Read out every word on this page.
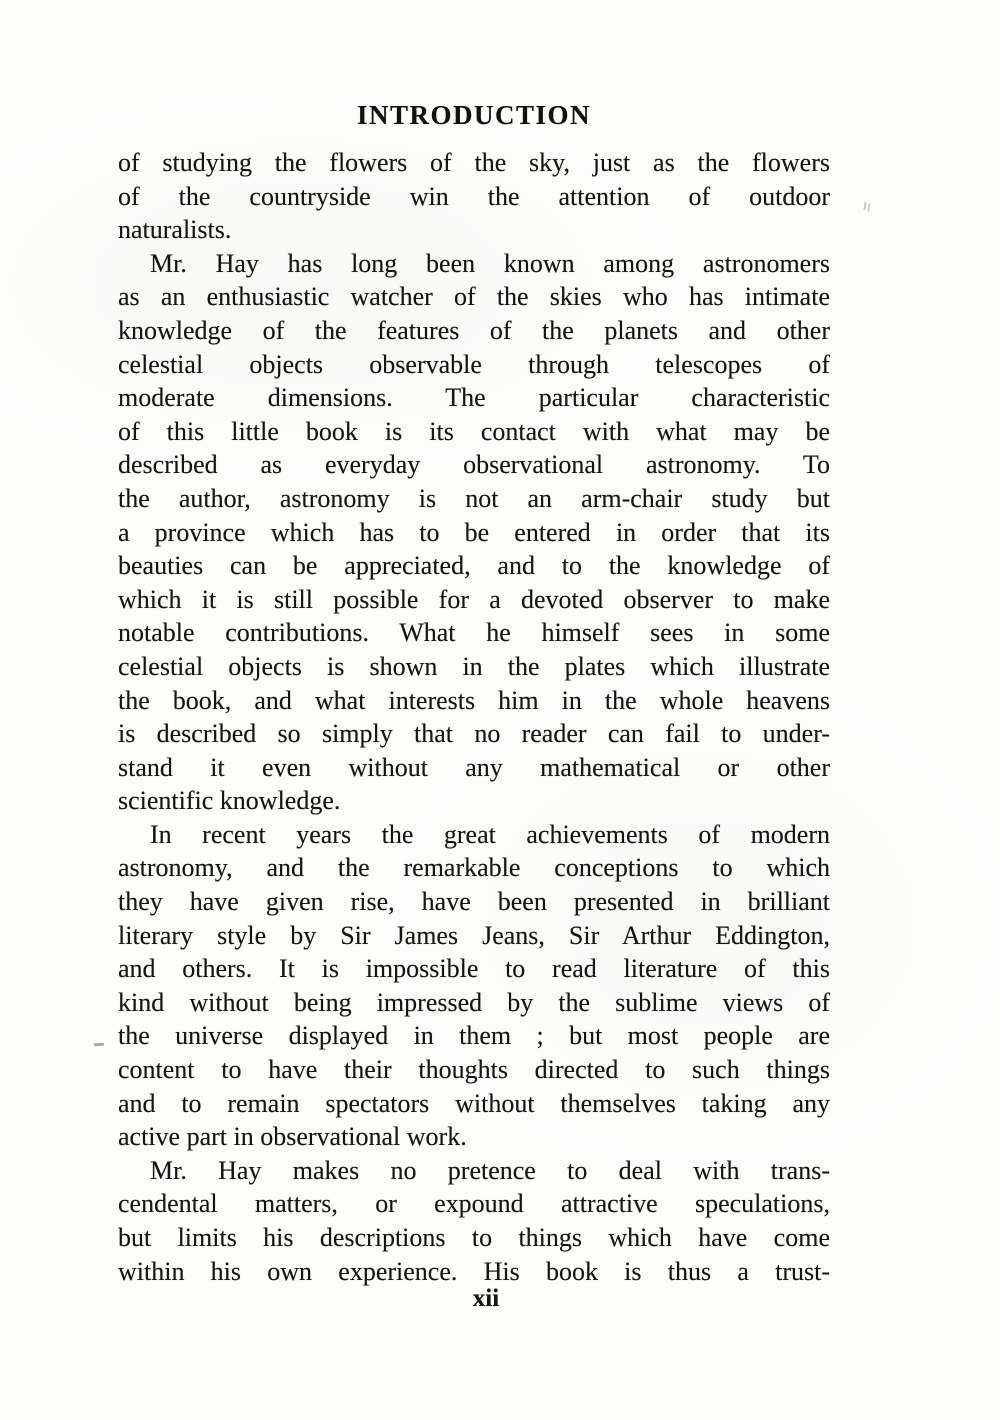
INTRODUCTION
of studying the flowers of the sky, just as the flowers
of the countryside win the attention of outdoor
naturalists.
Mr. Hay has long been known among astronomers
as an enthusiastic watcher of the skies who has intimate
knowledge of the features of the planets and other
celestial objects observable through telescopes of
moderate dimensions. The particular characteristic
of this little book is its contact with what may be
described as everyday observational astronomy. To
the author, astronomy is not an arm-chair study but
a province which has to be entered in order that its
beauties can be appreciated, and to the knowledge of
which it is still possible for a devoted observer to make
notable contributions. What he himself sees in some
celestial objects is shown in the plates which illustrate
the book, and what interests him in the whole heavens
is described so simply that no reader can fail to under-
stand it even without any mathematical or other
scientific knowledge.
In recent years the great achievements of modern
astronomy, and the remarkable conceptions to which
they have given rise, have been presented in brilliant
literary style by Sir James Jeans, Sir Arthur Eddington,
and others. It is impossible to read literature of this
kind without being impressed by the sublime views of
the universe displayed in them ; but most people are
content to have their thoughts directed to such things
and to remain spectators without themselves taking any
active part in observational work.
Mr. Hay makes no pretence to deal with trans-
cendental matters, or expound attractive speculations,
but limits his descriptions to things which have come
within his own experience. His book is thus a trust-
xii
